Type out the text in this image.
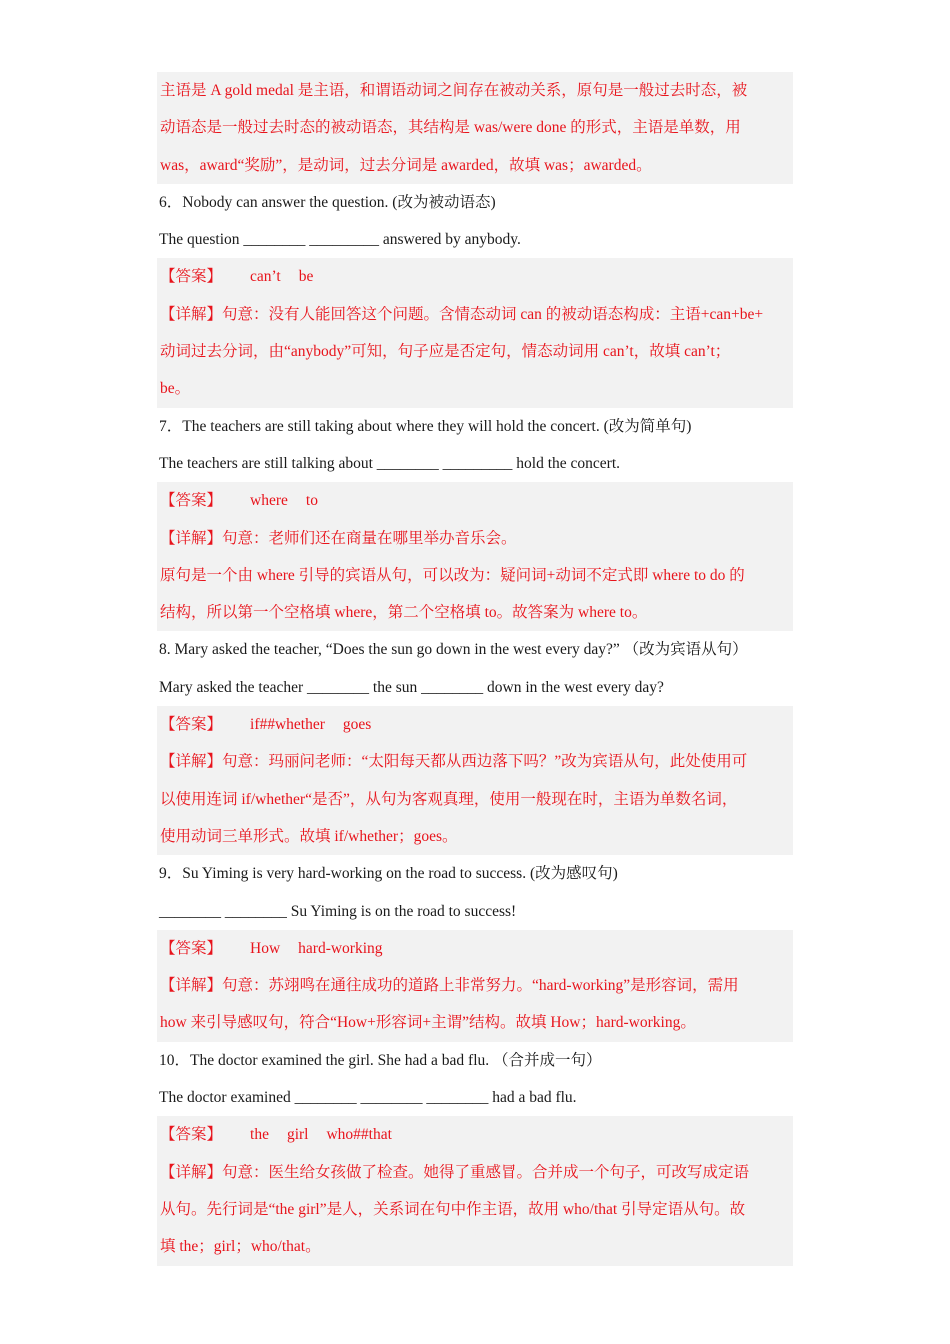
主语是 A gold medal 是主语，和谓语动词之间存在被动关系，原句是一般过去时态，被
动语态是一般过去时态的被动语态，其结构是 was/were done 的形式，主语是单数，用
was，award“奖励”，是动词，过去分词是 awarded，故填 was；awarded。
6．Nobody can answer the question. (改为被动语态)
The question ________ _________ answered by anybody.
【答案】 can’t be
【详解】句意：没有人能回答这个问题。含情态动词 can 的被动语态构成：主语+can+be+
动词过去分词，由“anybody”可知，句子应是否定句，情态动词用 can’t，故填 can’t；
be。
7．The teachers are still taking about where they will hold the concert. (改为简单句)
The teachers are still talking about ________ _________ hold the concert.
【答案】 where to
【详解】句意：老师们还在商量在哪里举办音乐会。
原句是一个由 where 引导的宾语从句，可以改为：疑问词+动词不定式即 where to do 的
结构，所以第一个空格填 where，第二个空格填 to。故答案为 where to。
8. Mary asked the teacher, “Does the sun go down in the west every day?” （改为宾语从句）
Mary asked the teacher ________ the sun ________ down in the west every day?
【答案】 if##whether goes
【详解】句意：玛丽问老师：“太阳每天都从西边落下吗？”改为宾语从句，此处使用可
以使用连词 if/whether“是否”，从句为客观真理，使用一般现在时，主语为单数名词，
使用动词三单形式。故填 if/whether；goes。
9．Su Yiming is very hard-working on the road to success. (改为感叹句)
________ ________ Su Yiming is on the road to success!
【答案】 How hard-working
【详解】句意：苏翊鸣在通往成功的道路上非常努力。“hard-working”是形容词，需用
how 来引导感叹句，符合“How+形容词+主谓”结构。故填 How；hard-working。
10．The doctor examined the girl. She had a bad flu. （合并成一句）
The doctor examined ________ ________ ________ had a bad flu.
【答案】 the girl who##that
【详解】句意：医生给女孩做了检查。她得了重感冒。合并成一个句子，可改写成定语
从句。先行词是“the girl”是人，关系词在句中作主语，故用 who/that 引导定语从句。故
填 the；girl；who/that。
